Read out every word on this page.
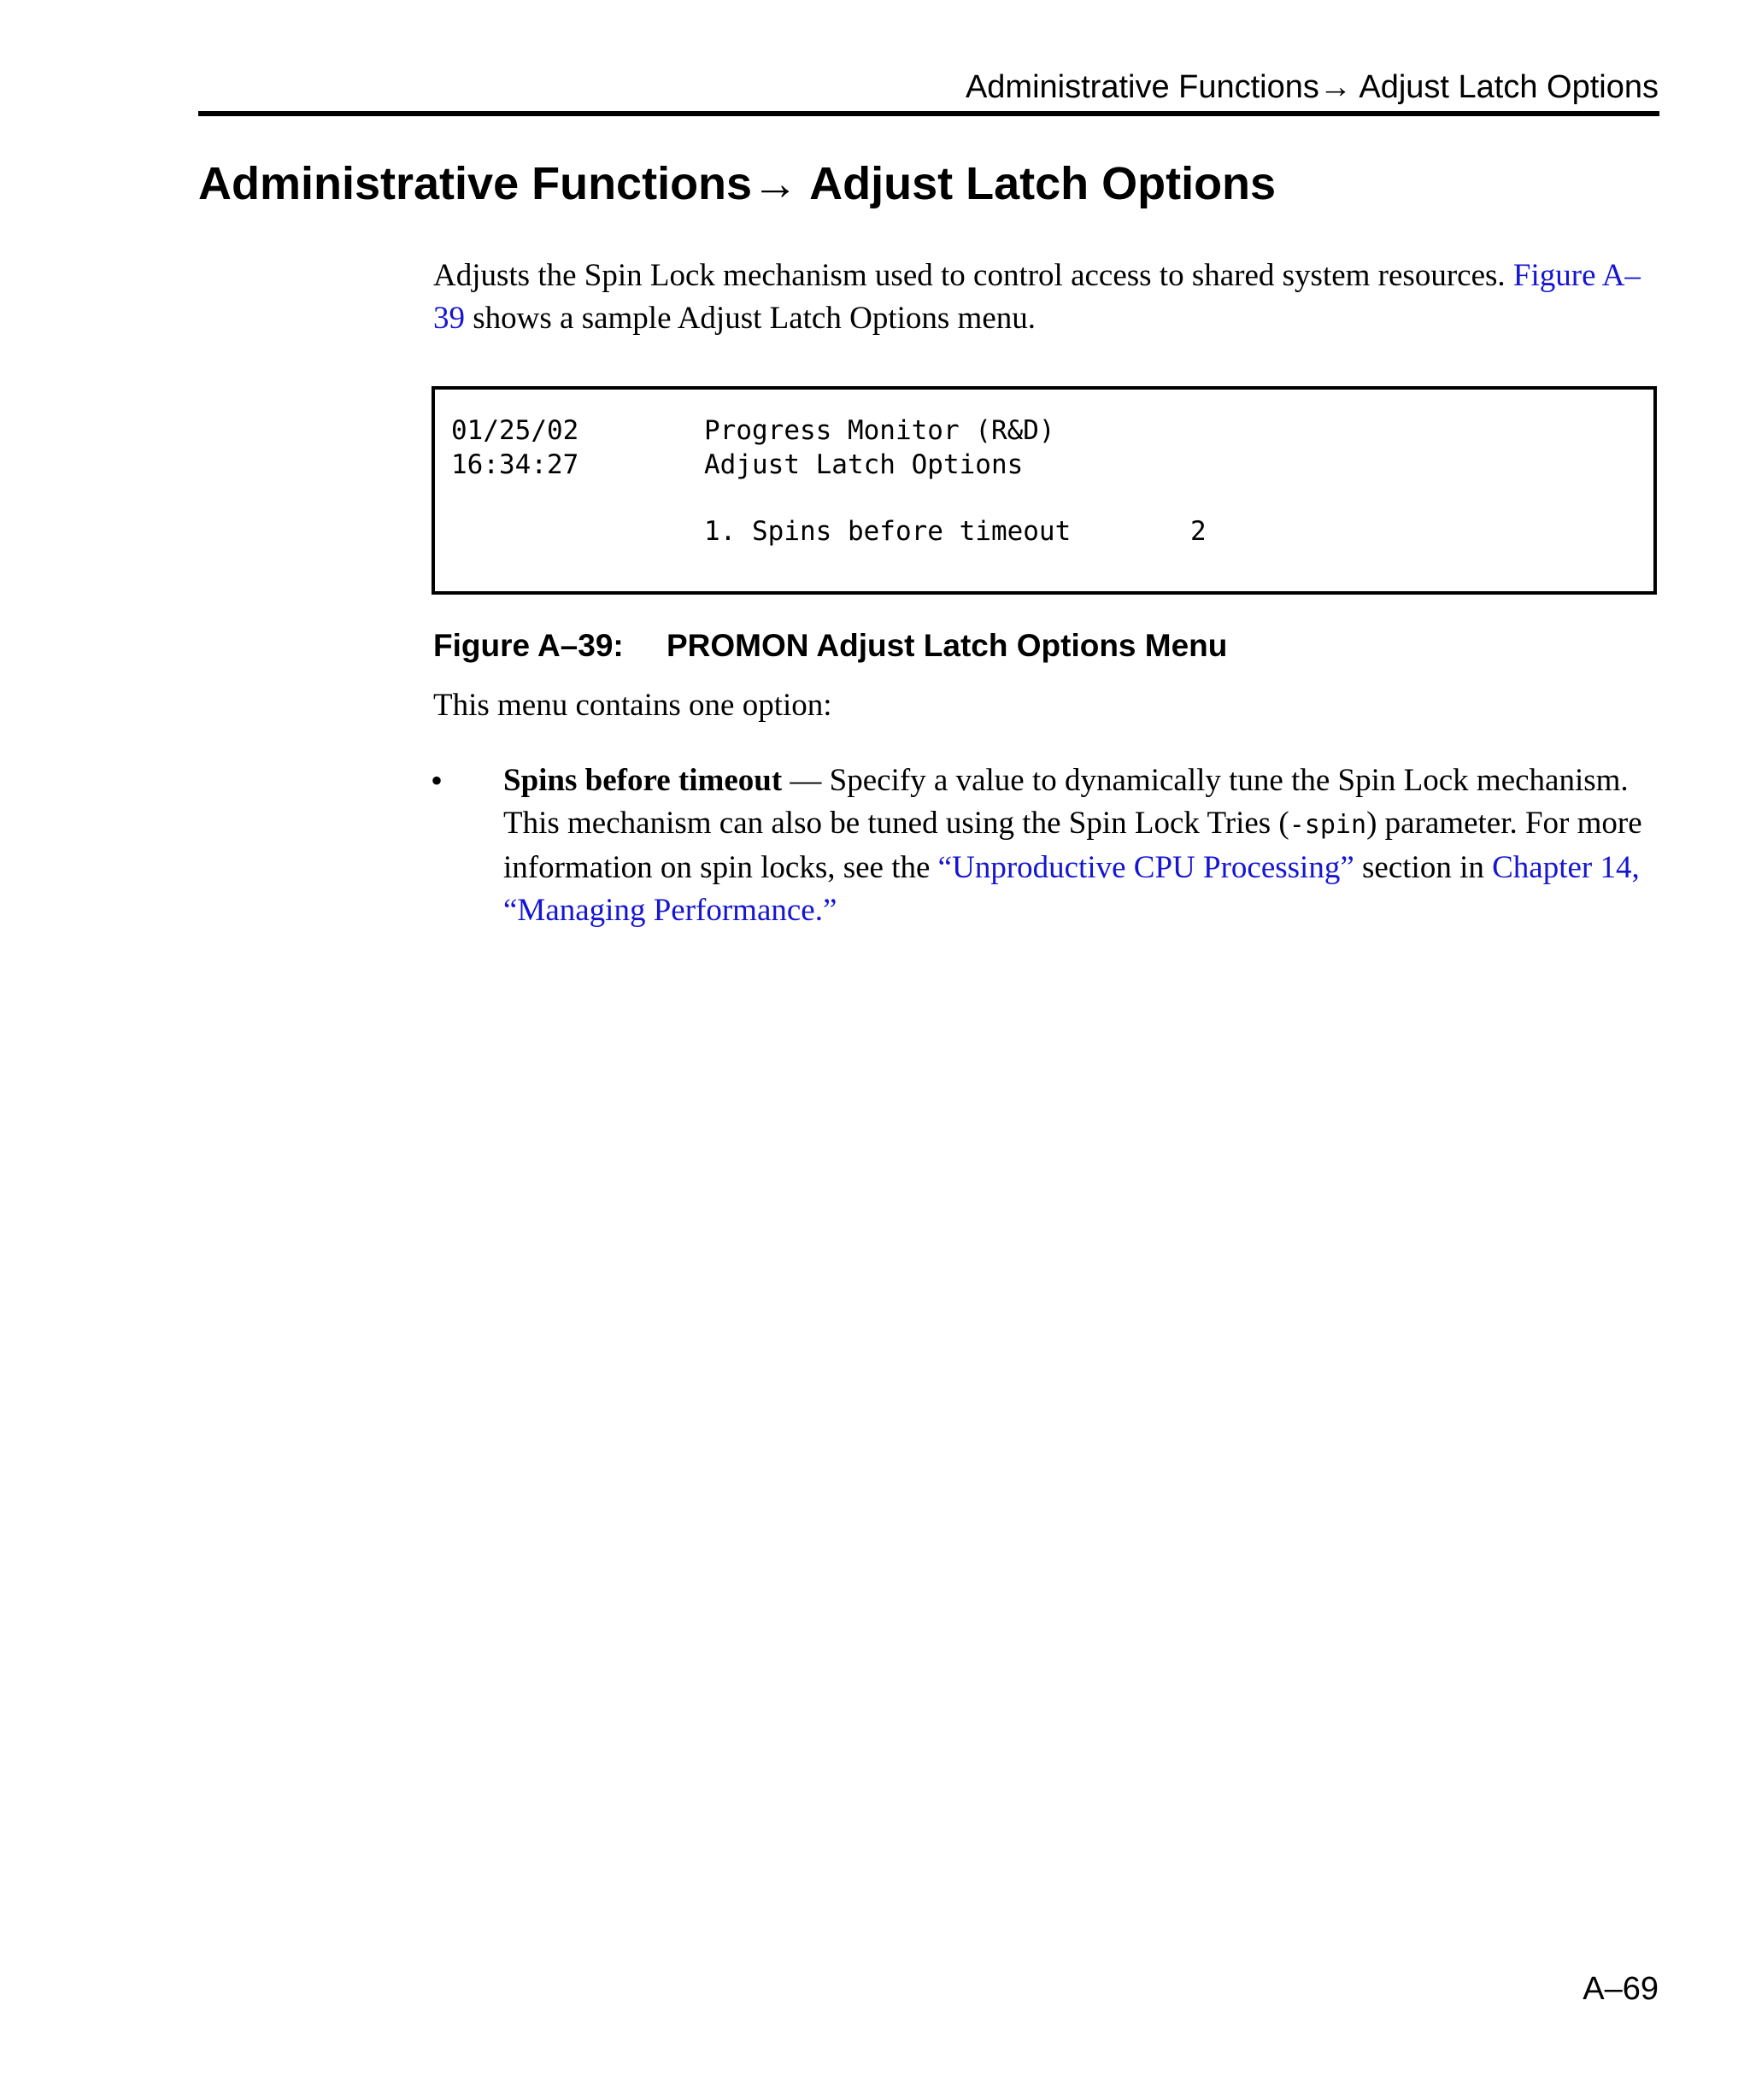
Administrative Functions→ Adjust Latch Options
Administrative Functions→ Adjust Latch Options

Adjusts the Spin Lock mechanism used to control access to shared system resources. Figure A–39 shows a sample Adjust Latch Options menu.

01/25/02
16:34:27
Progress Monitor (R&D)
Adjust Latch Options
1. Spins before timeout	2
Figure A–39: PROMON Adjust Latch Options Menu

This menu contains one option:

• Spins before timeout — Specify a value to dynamically tune the Spin Lock mechanism. This mechanism can also be tuned using the Spin Lock Tries (-spin) parameter. For more information on spin locks, see the “Unproductive CPU Processing” section in Chapter 14, “Managing Performance.”

A–69
